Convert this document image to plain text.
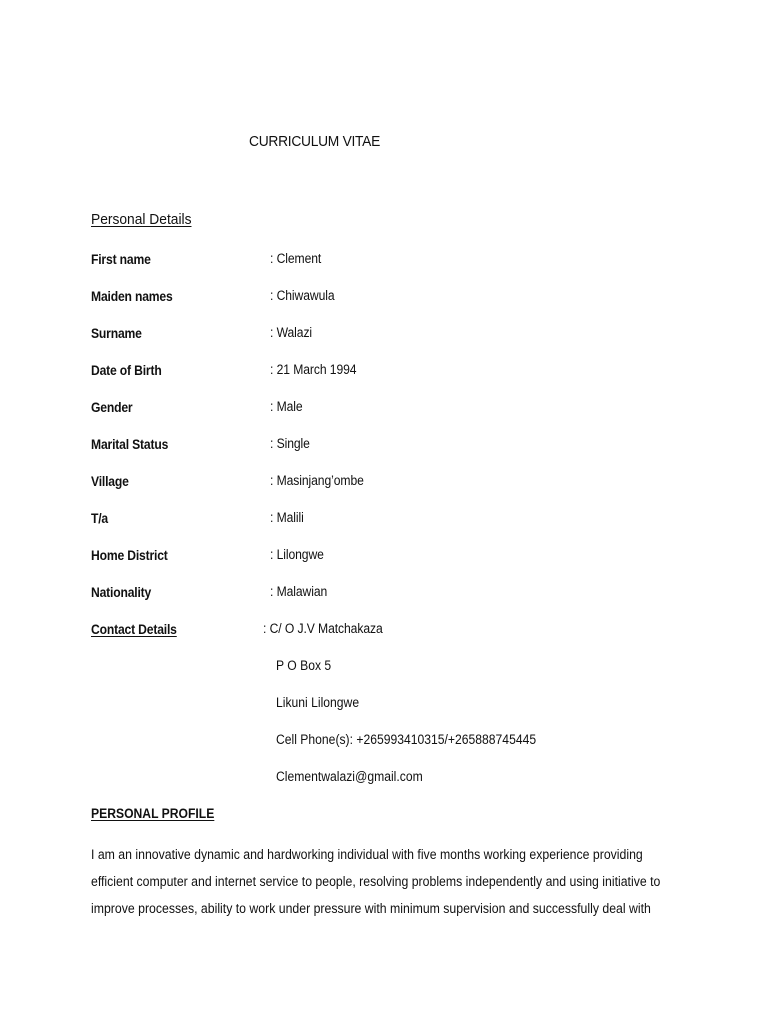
CURRICULUM VITAE
Personal Details
First name	: Clement
Maiden names	: Chiwawula
Surname	: Walazi
Date of Birth	: 21 March 1994
Gender	: Male
Marital Status	: Single
Village	: Masinjang’ombe
T/a	: Malili
Home District	: Lilongwe
Nationality	: Malawian
Contact Details	: C/ O J.V Matchakaza
P O Box 5
Likuni Lilongwe
Cell Phone(s): +265993410315/+265888745445
Clementwalazi@gmail.com
PERSONAL PROFILE
I am an innovative dynamic and hardworking individual with five months working experience providing
efficient computer and internet service to people, resolving problems independently and using initiative to
improve processes, ability to work under pressure with minimum supervision and successfully deal with
